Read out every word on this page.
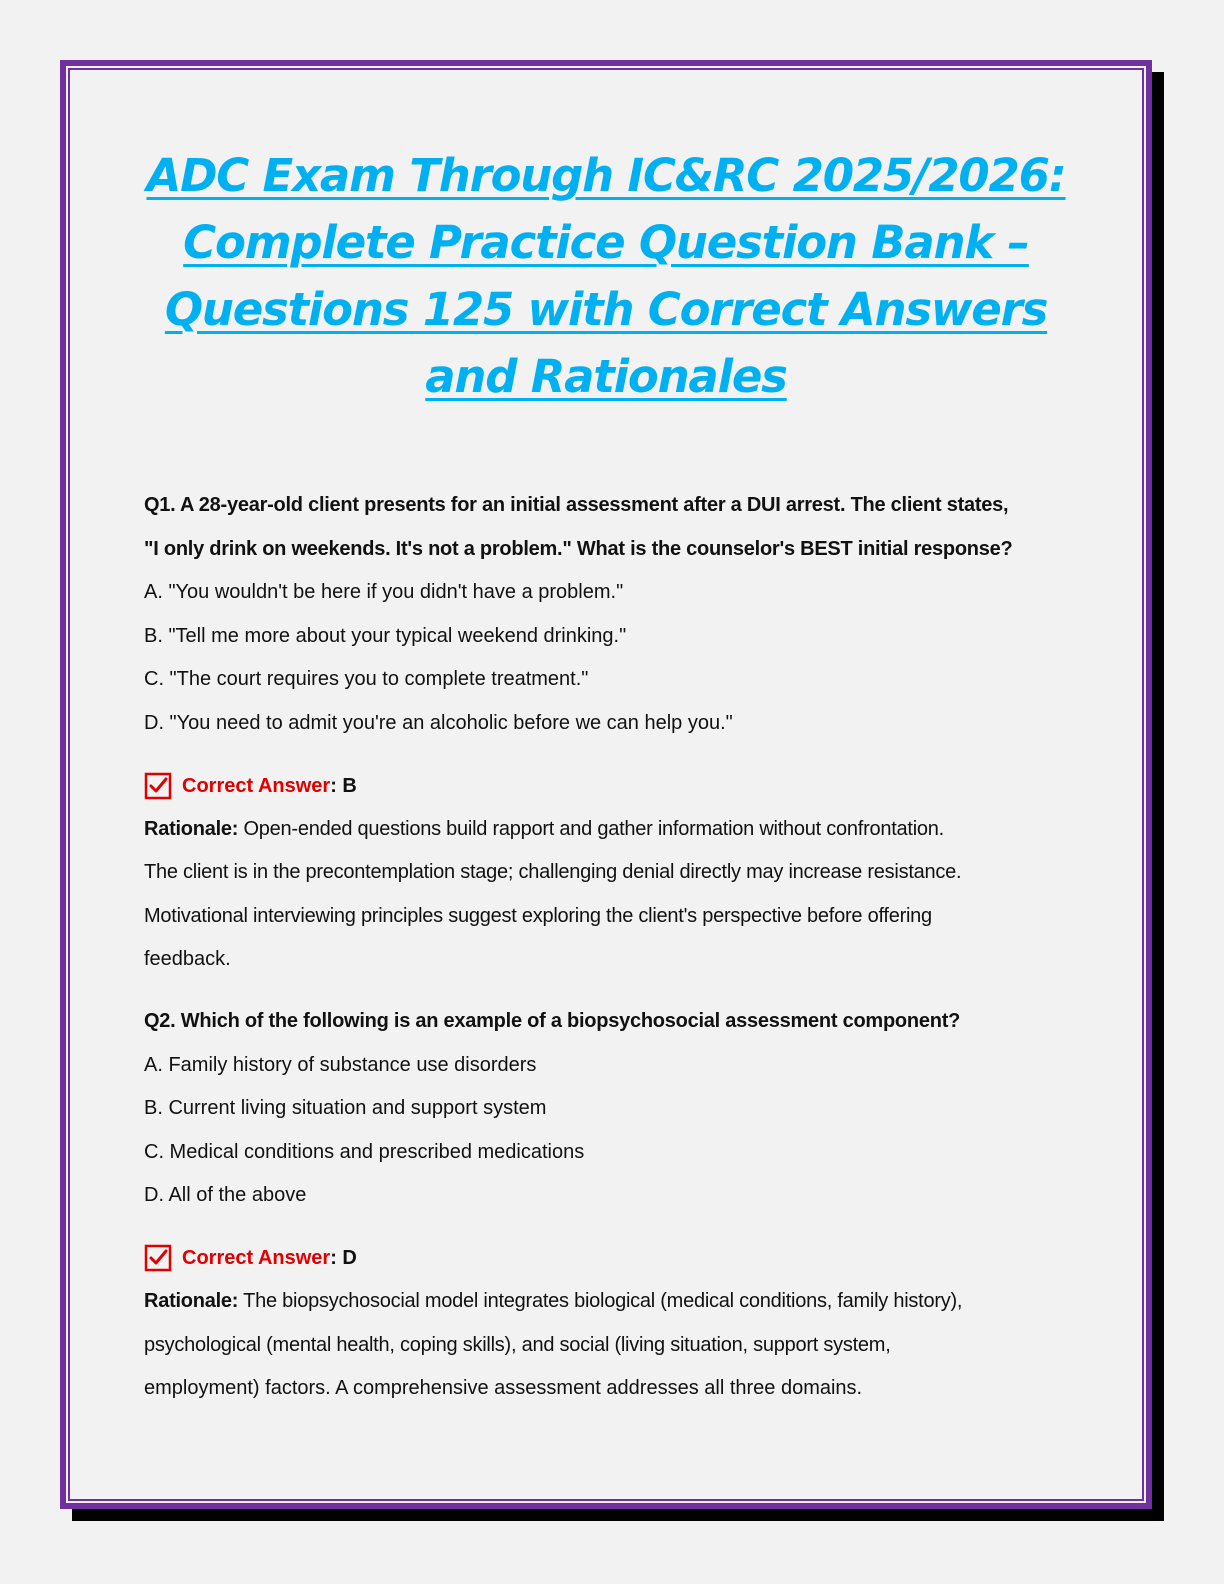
ADC Exam Through IC&RC 2025/2026:
Complete Practice Question Bank –
Questions 125 with Correct Answers
and Rationales
Q1. A 28-year-old client presents for an initial assessment after a DUI arrest. The client states,
"I only drink on weekends. It's not a problem." What is the counselor's BEST initial response?
A. "You wouldn't be here if you didn't have a problem."
B. "Tell me more about your typical weekend drinking."
C. "The court requires you to complete treatment."
D. "You need to admit you're an alcoholic before we can help you."
Correct Answer : B
Rationale: Open-ended questions build rapport and gather information without confrontation.
The client is in the precontemplation stage; challenging denial directly may increase resistance.
Motivational interviewing principles suggest exploring the client's perspective before offering
feedback.
Q2. Which of the following is an example of a biopsychosocial assessment component?
A. Family history of substance use disorders
B. Current living situation and support system
C. Medical conditions and prescribed medications
D. All of the above
Correct Answer : D
Rationale: The biopsychosocial model integrates biological (medical conditions, family history),
psychological (mental health, coping skills), and social (living situation, support system,
employment) factors. A comprehensive assessment addresses all three domains.
